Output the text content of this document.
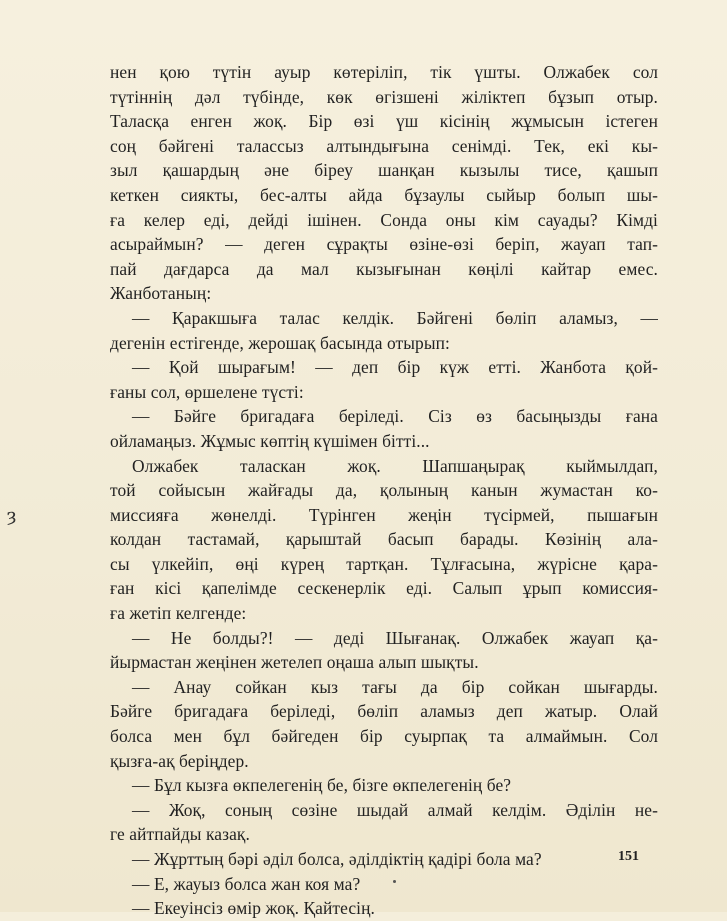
нен қою түтін ауыр көтеріліп, тік үшты. Олжабек сол
түтіннің дәл түбінде, көк өгізшені жіліктеп бұзып отыр.
Таласқа енген жоқ. Бір өзі үш кісінің жұмысын істеген
соң бәйгені талассыз алтындығына сенімді. Тек, екі кы-
зыл қашардың әне біреу шанқан кызылы тисе, қашып
кеткен сиякты, бес-алты айда бұзаулы сыйыр болып шы-
ға келер еді, дейді ішінен. Сонда оны кім сауады? Кімді
асыраймын? — деген сұрақты өзіне-өзі беріп, жауап тап-
пай дағдарса да мал кызығынан көңілі кайтар емес.
Жанботаның:
— Қаракшыға талас келдік. Бәйгені бөліп аламыз, —
дегенін естігенде, жерошақ басында отырып:
— Қой шырағым! — деп бір күж етті. Жанбота қой-
ғаны сол, өршелене түсті:
— Бәйге бригадаға беріледі. Сіз өз басыңызды ғана
ойламаңыз. Жұмыс көптің күшімен бітті...
Олжабек таласкан жоқ. Шапшаңырақ кыймылдап,
той сойысын жайғады да, қолының канын жумастан ко-
миссияға жөнелді. Түрінген жеңін түсірмей, пышағын
колдан тастамай, қарыштай басып барады. Көзінің ала-
сы үлкейіп, өңі күрең тартқан. Тұлғасына, жүрісне қара-
ған кісі қапелімде сескенерлік еді. Салып ұрып комиссия-
ға жетіп келгенде:
— Не болды?! — деді Шығанақ. Олжабек жауап қа-
йырмастан жеңінен жетелеп оңаша алып шықты.
— Анау сойкан кыз тағы да бір сойкан шығарды.
Бәйге бригадаға беріледі, бөліп аламыз деп жатыр. Олай
болса мен бұл бәйгеден бір суырпақ та алмаймын. Сол
қызға-ақ беріңдер.
— Бұл кызға өкпелегенің бе, бізге өкпелегенің бе?
— Жоқ, соның сөзіне шыдай алмай келдім. Әділін не-
ге айтпайды казақ.
— Жұрттың бәрі әділ болса, әділдіктің қадірі бола ма?
— Е, жауыз болса жан коя ма?
— Екеуінсіз өмір жоқ. Қайтесің.
ȝ
151
